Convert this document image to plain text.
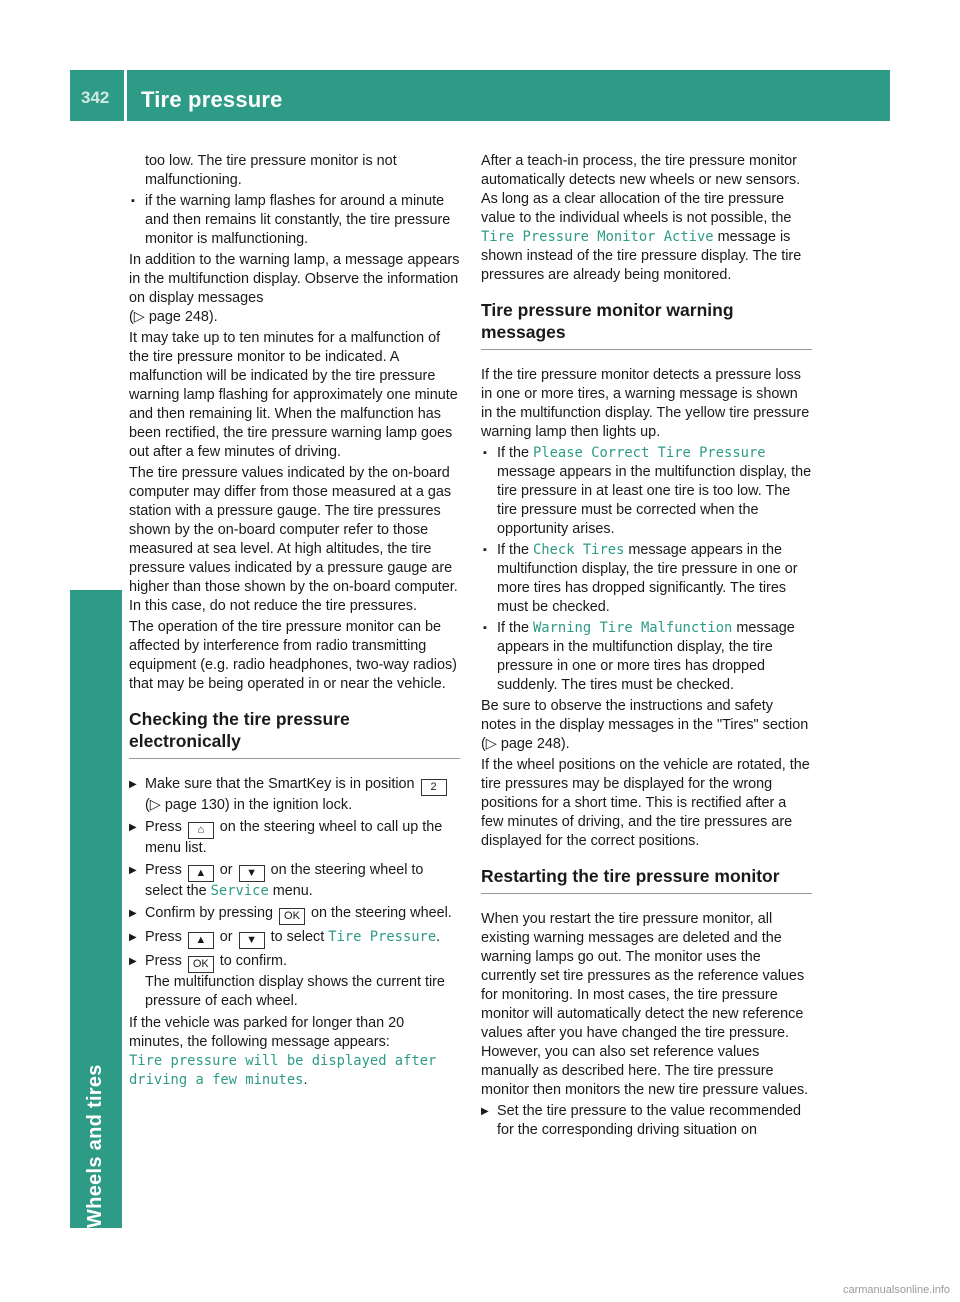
342 Tire pressure
Wheels and tires

too low. The tire pressure monitor is not malfunctioning.

▪ if the warning lamp flashes for around a minute and then remains lit constantly, the tire pressure monitor is malfunctioning.

In addition to the warning lamp, a message appears in the multifunction display. Observe the information on display messages
(▷ page 248).

It may take up to ten minutes for a malfunction of the tire pressure monitor to be indicated. A malfunction will be indicated by the tire pressure warning lamp flashing for approximately one minute and then remaining lit. When the malfunction has been rectified, the tire pressure warning lamp goes out after a few minutes of driving.

The tire pressure values indicated by the on-board computer may differ from those measured at a gas station with a pressure gauge. The tire pressures shown by the on-board computer refer to those measured at sea level. At high altitudes, the tire pressure values indicated by a pressure gauge are higher than those shown by the on-board computer. In this case, do not reduce the tire pressures.

The operation of the tire pressure monitor can be affected by interference from radio transmitting equipment (e.g. radio headphones, two-way radios) that may be being operated in or near the vehicle.

Checking the tire pressure electronically

▶ Make sure that the SmartKey is in position 2 (▷ page 130) in the ignition lock.

▶ Press ⌂ on the steering wheel to call up the menu list.

▶ Press ▲ or ▼ on the steering wheel to select the Service menu.

▶ Confirm by pressing OK on the steering wheel.

▶ Press ▲ or ▼ to select Tire Pressure.

▶ Press OK to confirm.
The multifunction display shows the current tire pressure of each wheel.

If the vehicle was parked for longer than 20 minutes, the following message appears:
Tire pressure will be displayed after driving a few minutes.

After a teach-in process, the tire pressure monitor automatically detects new wheels or new sensors. As long as a clear allocation of the tire pressure value to the individual wheels is not possible, the Tire Pressure Monitor Active message is shown instead of the tire pressure display. The tire pressures are already being monitored.

Tire pressure monitor warning messages

If the tire pressure monitor detects a pressure loss in one or more tires, a warning message is shown in the multifunction display. The yellow tire pressure warning lamp then lights up.

▪ If the Please Correct Tire Pressure message appears in the multifunction display, the tire pressure in at least one tire is too low. The tire pressure must be corrected when the opportunity arises.

▪ If the Check Tires message appears in the multifunction display, the tire pressure in one or more tires has dropped significantly. The tires must be checked.

▪ If the Warning Tire Malfunction message appears in the multifunction display, the tire pressure in one or more tires has dropped suddenly. The tires must be checked.

Be sure to observe the instructions and safety notes in the display messages in the "Tires" section (▷ page 248).

If the wheel positions on the vehicle are rotated, the tire pressures may be displayed for the wrong positions for a short time. This is rectified after a few minutes of driving, and the tire pressures are displayed for the correct positions.

Restarting the tire pressure monitor

When you restart the tire pressure monitor, all existing warning messages are deleted and the warning lamps go out. The monitor uses the currently set tire pressures as the reference values for monitoring. In most cases, the tire pressure monitor will automatically detect the new reference values after you have changed the tire pressure. However, you can also set reference values manually as described here. The tire pressure monitor then monitors the new tire pressure values.

▶ Set the tire pressure to the value recommended for the corresponding driving situation on

carmanualsonline.info
